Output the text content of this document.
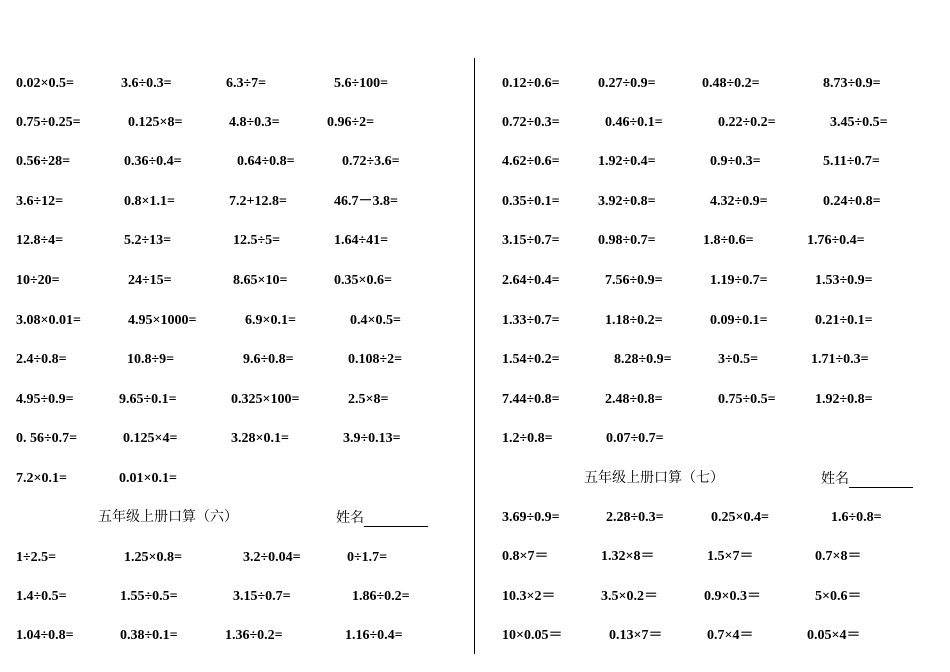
0.02×0.5=	3.6÷0.3=	6.3÷7=	5.6÷100=
0.75÷0.25=	0.125×8=	4.8÷0.3=	0.96÷2=
0.56÷28=	0.36÷0.4=	0.64÷0.8=	0.72÷3.6=
3.6÷12=	0.8×1.1=	7.2+12.8=	46.7－3.8=
12.8÷4=	5.2÷13=	12.5÷5=	1.64÷41=
10÷20=	24÷15=	8.65×10=	0.35×0.6=
3.08×0.01=	4.95×1000=	6.9×0.1=	0.4×0.5=
2.4÷0.8=	10.8÷9=	9.6÷0.8=	0.108÷2=
4.95÷0.9=	9.65÷0.1=	0.325×100=	2.5×8=
0. 56÷0.7=	0.125×4=	3.28×0.1=	3.9÷0.13=
7.2×0.1=	0.01×0.1=
五年级上册口算（六）	姓名
1÷2.5=	1.25×0.8=	3.2÷0.04=	0÷1.7=
1.4÷0.5=	1.55÷0.5=	3.15÷0.7=	1.86÷0.2=
1.04÷0.8=	0.38÷0.1=	1.36÷0.2=	1.16÷0.4=
0.12÷0.6=	0.27÷0.9=	0.48÷0.2=	8.73÷0.9=
0.72÷0.3=	0.46÷0.1=	0.22÷0.2=	3.45÷0.5=
4.62÷0.6=	1.92÷0.4=	0.9÷0.3=	5.11÷0.7=
0.35÷0.1=	3.92÷0.8=	4.32÷0.9=	0.24÷0.8=
3.15÷0.7=	0.98÷0.7=	1.8÷0.6=	1.76÷0.4=
2.64÷0.4=	7.56÷0.9=	1.19÷0.7=	1.53÷0.9=
1.33÷0.7=	1.18÷0.2=	0.09÷0.1=	0.21÷0.1=
1.54÷0.2=	8.28÷0.9=	3÷0.5=	1.71÷0.3=
7.44÷0.8=	2.48÷0.8=	0.75÷0.5=	1.92÷0.8=
1.2÷0.8=	0.07÷0.7=
五年级上册口算（七）	姓名
3.69÷0.9=	2.28÷0.3=	0.25×0.4=	1.6÷0.8=
0.8×7＝	1.32×8＝	1.5×7＝	0.7×8＝
10.3×2＝	3.5×0.2＝	0.9×0.3＝	5×0.6＝
10×0.05＝	0.13×7＝	0.7×4＝	0.05×4＝
